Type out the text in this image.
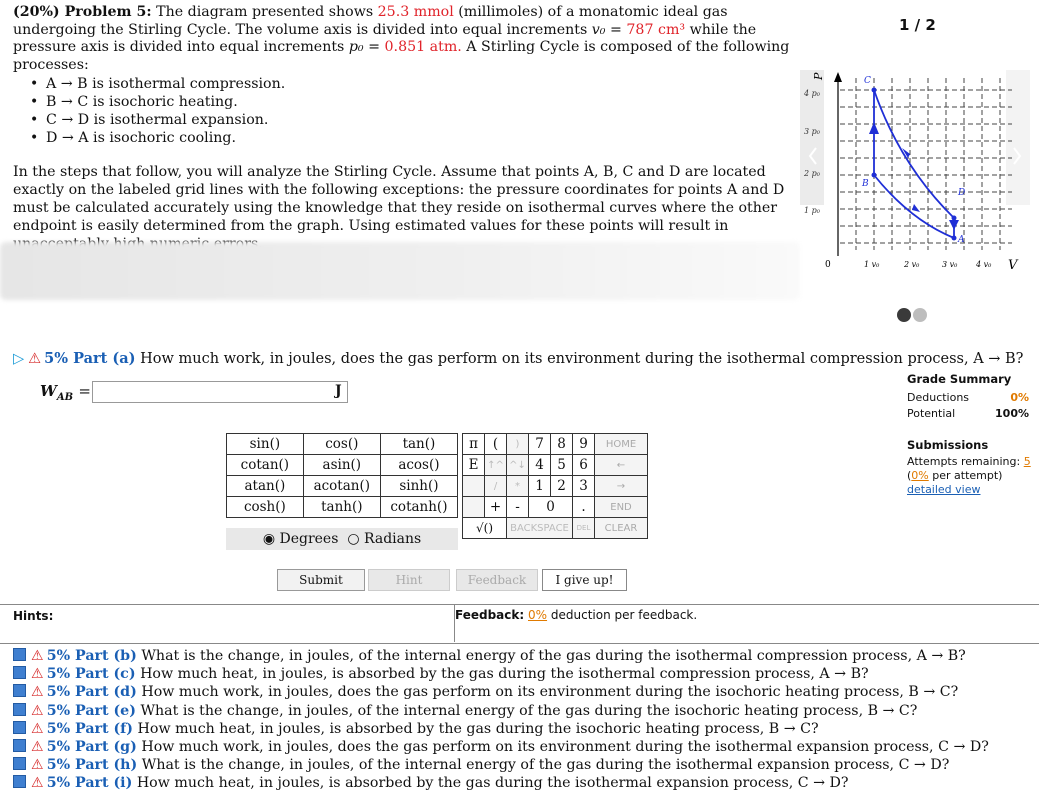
(20%) Problem 5: The diagram presented shows 25.3 mmol (millimoles) of a monatomic ideal gas undergoing the Stirling Cycle. The volume axis is divided into equal increments v₀ = 787 cm³ while the pressure axis is divided into equal increments p₀ = 0.851 atm. A Stirling Cycle is composed of the following processes:
• A → B is isothermal compression.
• B → C is isochoric heating.
• C → D is isothermal expansion.
• D → A is isochoric cooling.
In the steps that follow, you will analyze the Stirling Cycle. Assume that points A, B, C and D are located exactly on the labeled grid lines with the following exceptions: the pressure coordinates for points A and D must be calculated accurately using the knowledge that they reside on isothermal curves where the other endpoint is easily determined from the graph. Using estimated values for these points will result in
1 / 2
P
4 p₀
3 p₀
2 p₀
1 p₀
0	1 v₀	2 v₀	3 v₀ 4 v₀ V
C
B
D
A
▷ ⚠ 5% Part (a) How much work, in joules, does the gas perform on its environment during the isothermal compression process, A → B?
$W_{AB}$ =	J
Grade Summary
Deductions	0%
Potential	100%
Submissions
Attempts remaining: 5
(0% per attempt)
detailed view
sin()	cos()	tan()
cotan()	asin()	acos()
atan()	acotan()	sinh()
cosh()	tanh()	cotanh()
◉ Degrees ○ Radians
π	(	)	7	8	9	HOME
E	↑^	^↓	4	5	6	←
	/	*	1	2	3	→
	+	-	0		.	END
√()		BACKSPACE			DEL	CLEAR
Submit	Hint	Feedback	I give up!
Hints:	Feedback: 0% deduction per feedback.
⚠ 5% Part (b) What is the change, in joules, of the internal energy of the gas during the isothermal compression process, A → B?
⚠ 5% Part (c) How much heat, in joules, is absorbed by the gas during the isothermal compression process, A → B?
⚠ 5% Part (d) How much work, in joules, does the gas perform on its environment during the isochoric heating process, B → C?
⚠ 5% Part (e) What is the change, in joules, of the internal energy of the gas during the isochoric heating process, B → C?
⚠ 5% Part (f) How much heat, in joules, is absorbed by the gas during the isochoric heating process, B → C?
⚠ 5% Part (g) How much work, in joules, does the gas perform on its environment during the isothermal expansion process, C → D?
⚠ 5% Part (h) What is the change, in joules, of the internal energy of the gas during the isothermal expansion process, C → D?
⚠ 5% Part (i) How much heat, in joules, is absorbed by the gas during the isothermal expansion process, C → D?
